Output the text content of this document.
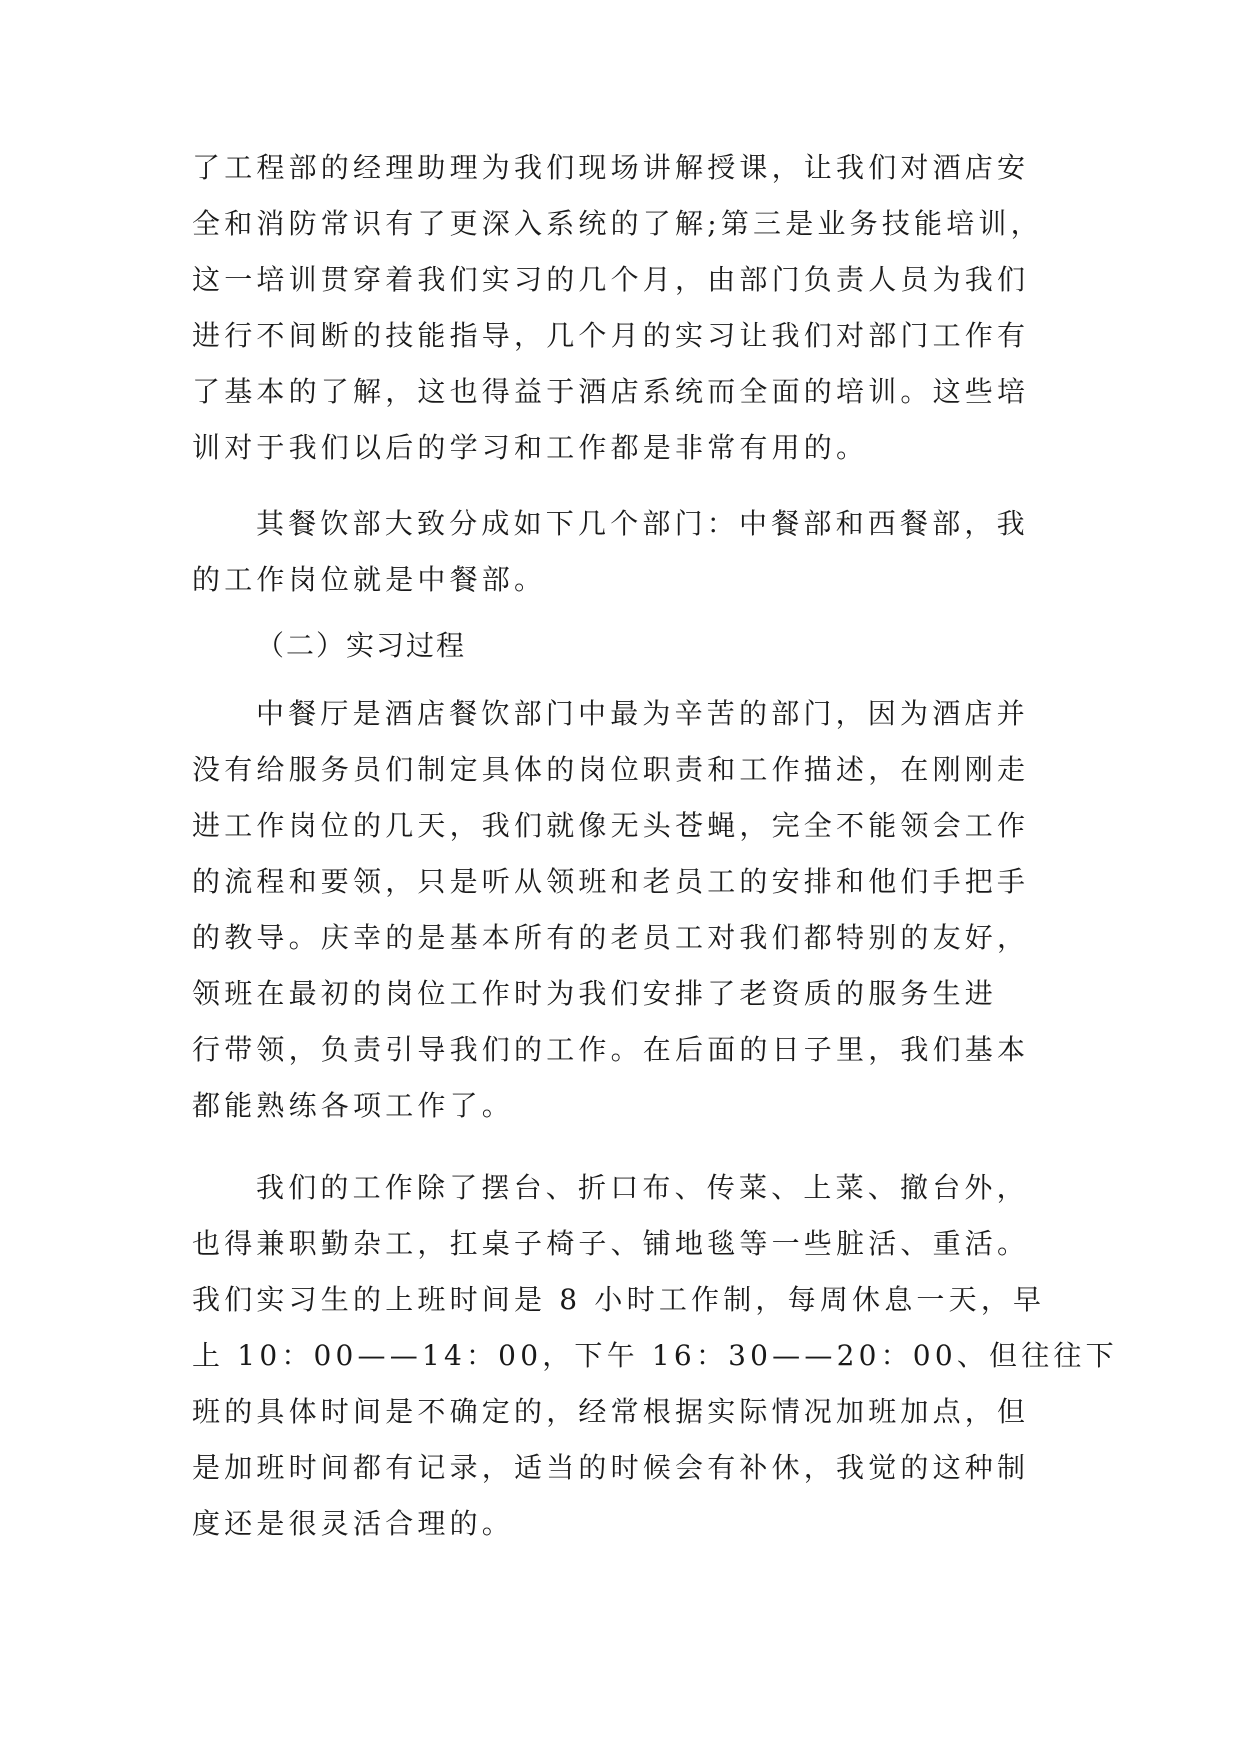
了工程部的经理助理为我们现场讲解授课，让我们对酒店安
全和消防常识有了更深入系统的了解;第三是业务技能培训，
这一培训贯穿着我们实习的几个月，由部门负责人员为我们
进行不间断的技能指导，几个月的实习让我们对部门工作有
了基本的了解，这也得益于酒店系统而全面的培训。这些培
训对于我们以后的学习和工作都是非常有用的。
其餐饮部大致分成如下几个部门：中餐部和西餐部，我
的工作岗位就是中餐部。
（二）实习过程
中餐厅是酒店餐饮部门中最为辛苦的部门，因为酒店并
没有给服务员们制定具体的岗位职责和工作描述，在刚刚走
进工作岗位的几天，我们就像无头苍蝇，完全不能领会工作
的流程和要领，只是听从领班和老员工的安排和他们手把手
的教导。庆幸的是基本所有的老员工对我们都特别的友好，
领班在最初的岗位工作时为我们安排了老资质的服务生进
行带领，负责引导我们的工作。在后面的日子里，我们基本
都能熟练各项工作了。
我们的工作除了摆台、折口布、传菜、上菜、撤台外，
也得兼职勤杂工，扛桌子椅子、铺地毯等一些脏活、重活。
我们实习生的上班时间是 8 小时工作制，每周休息一天，早
上 10：00——14：00，下午 16：30——20：00、但往往下
班的具体时间是不确定的，经常根据实际情况加班加点，但
是加班时间都有记录，适当的时候会有补休，我觉的这种制
度还是很灵活合理的。
